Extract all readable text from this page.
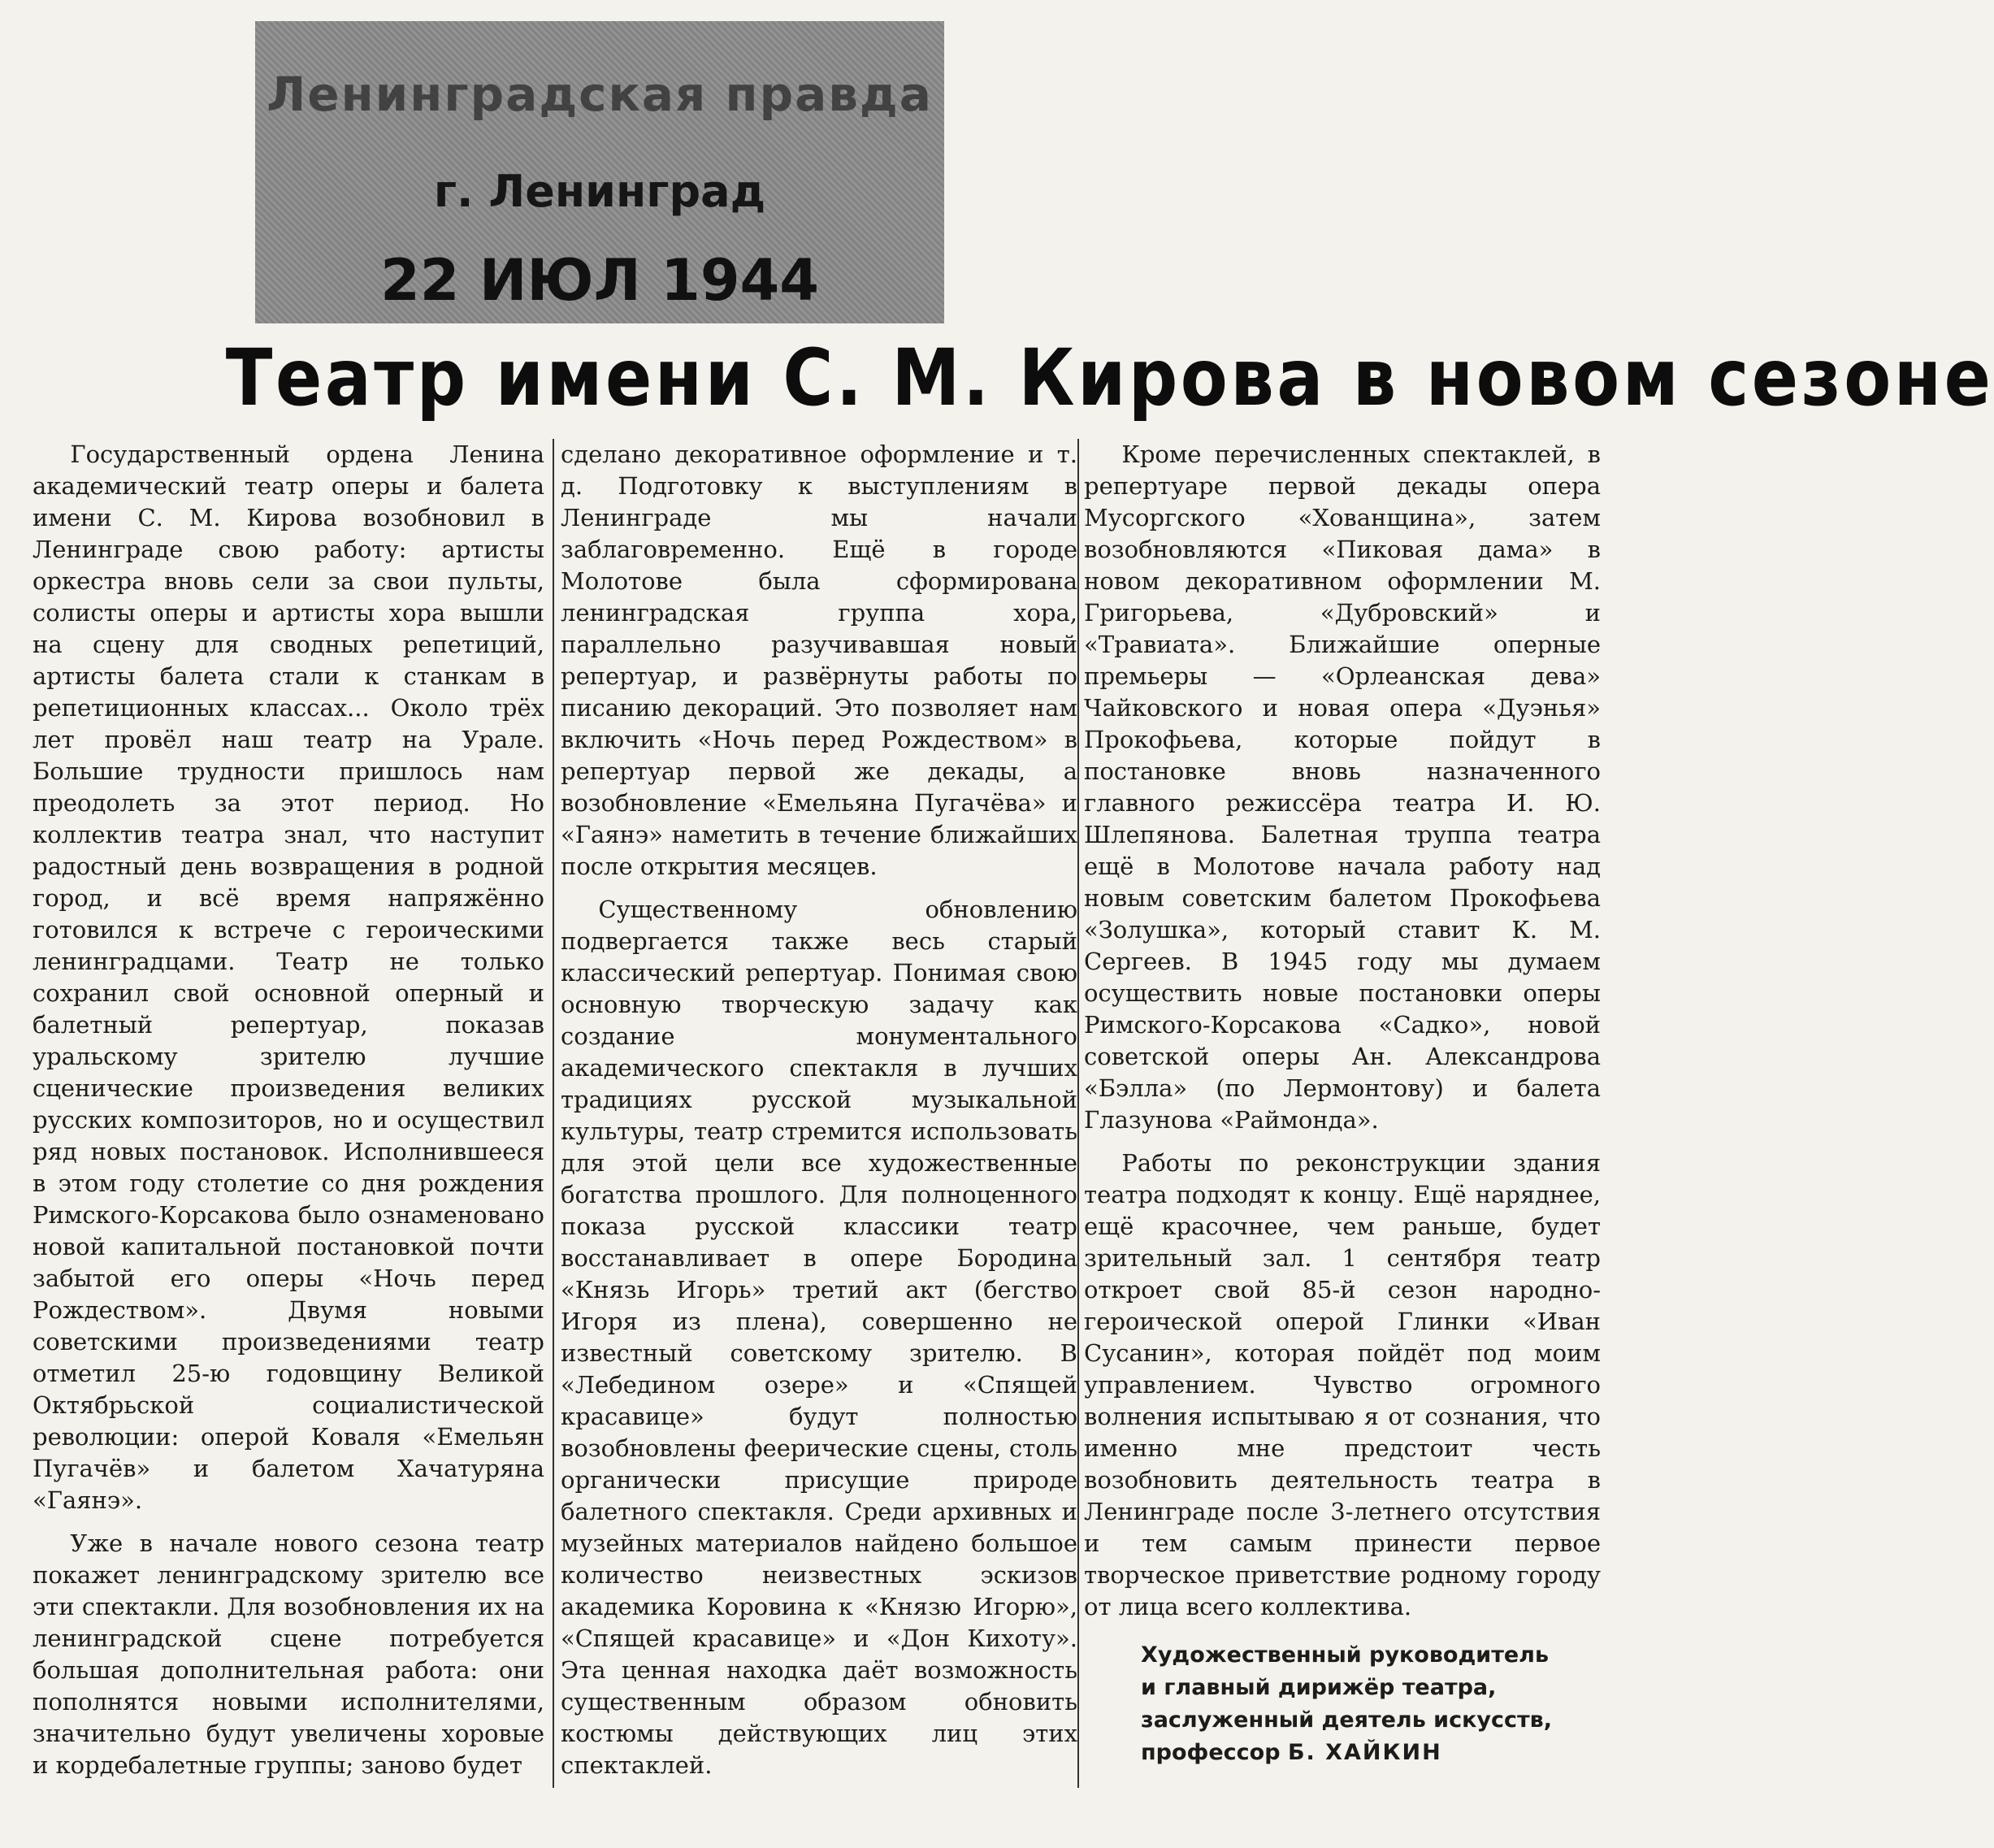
Ленинградская правда
г. Ленинград
22 ИЮЛ 1944
Театр имени С. М. Кирова в новом сезоне

Государственный ордена Ленина академический театр оперы и балета имени С. М. Кирова возобновил в Ленинграде свою работу: артисты оркестра вновь сели за свои пульты, солисты оперы и артисты хора вышли на сцену для сводных репетиций, артисты балета стали к станкам в репетиционных классах... Около трёх лет провёл наш театр на Урале. Большие трудности пришлось нам преодолеть за этот период. Но коллектив театра знал, что наступит радостный день возвращения в родной город, и всё время напряжённо готовился к встрече с героическими ленинградцами. Театр не только сохранил свой основной оперный и балетный репертуар, показав уральскому зрителю лучшие сценические произведения великих русских композиторов, но и осуществил ряд новых постановок. Исполнившееся в этом году столетие со дня рождения Римского-Корсакова было ознаменовано новой капитальной постановкой почти забытой его оперы «Ночь перед Рождеством». Двумя новыми советскими произведениями театр отметил 25-ю годовщину Великой Октябрьской социалистической революции: оперой Коваля «Емельян Пугачёв» и балетом Хачатуряна «Гаянэ».

Уже в начале нового сезона театр покажет ленинградскому зрителю все эти спектакли. Для возобновления их на ленинградской сцене потребуется большая дополнительная работа: они пополнятся новыми исполнителями, значительно будут увеличены хоровые и кордебалетные группы; заново будет

сделано декоративное оформление и т. д. Подготовку к выступлениям в Ленинграде мы начали заблаговременно. Ещё в городе Молотове была сформирована ленинградская группа хора, параллельно разучивавшая новый репертуар, и развёрнуты работы по писанию декораций. Это позволяет нам включить «Ночь перед Рождеством» в репертуар первой же декады, а возобновление «Емельяна Пугачёва» и «Гаянэ» наметить в течение ближайших после открытия месяцев.

Существенному обновлению подвергается также весь старый классический репертуар. Понимая свою основную творческую задачу как создание монументального академического спектакля в лучших традициях русской музыкальной культуры, театр стремится использовать для этой цели все художественные богатства прошлого. Для полноценного показа русской классики театр восстанавливает в опере Бородина «Князь Игорь» третий акт (бегство Игоря из плена), совершенно не известный советскому зрителю. В «Лебедином озере» и «Спящей красавице» будут полностью возобновлены феерические сцены, столь органически присущие природе балетного спектакля. Среди архивных и музейных материалов найдено большое количество неизвестных эскизов академика Коровина к «Князю Игорю», «Спящей красавице» и «Дон Кихоту». Эта ценная находка даёт возможность существенным образом обновить костюмы действующих лиц этих спектаклей.

Кроме перечисленных спектаклей, в репертуаре первой декады опера Мусоргского «Хованщина», затем возобновляются «Пиковая дама» в новом декоративном оформлении М. Григорьева, «Дубровский» и «Травиата». Ближайшие оперные премьеры — «Орлеанская дева» Чайковского и новая опера «Дуэнья» Прокофьева, которые пойдут в постановке вновь назначенного главного режиссёра театра И. Ю. Шлепянова. Балетная труппа театра ещё в Молотове начала работу над новым советским балетом Прокофьева «Золушка», который ставит К. М. Сергеев. В 1945 году мы думаем осуществить новые постановки оперы Римского-Корсакова «Садко», новой советской оперы Ан. Александрова «Бэлла» (по Лермонтову) и балета Глазунова «Раймонда».

Работы по реконструкции здания театра подходят к концу. Ещё наряднее, ещё красочнее, чем раньше, будет зрительный зал. 1 сентября театр откроет свой 85-й сезон народно-героической оперой Глинки «Иван Сусанин», которая пойдёт под моим управлением. Чувство огромного волнения испытываю я от сознания, что именно мне предстоит честь возобновить деятельность театра в Ленинграде после 3-летнего отсутствия и тем самым принести первое творческое приветствие родному городу от лица всего коллектива.

Художественный руководитель
и главный дирижёр театра,
заслуженный деятель искусств,
профессор Б. ХАЙКИН
